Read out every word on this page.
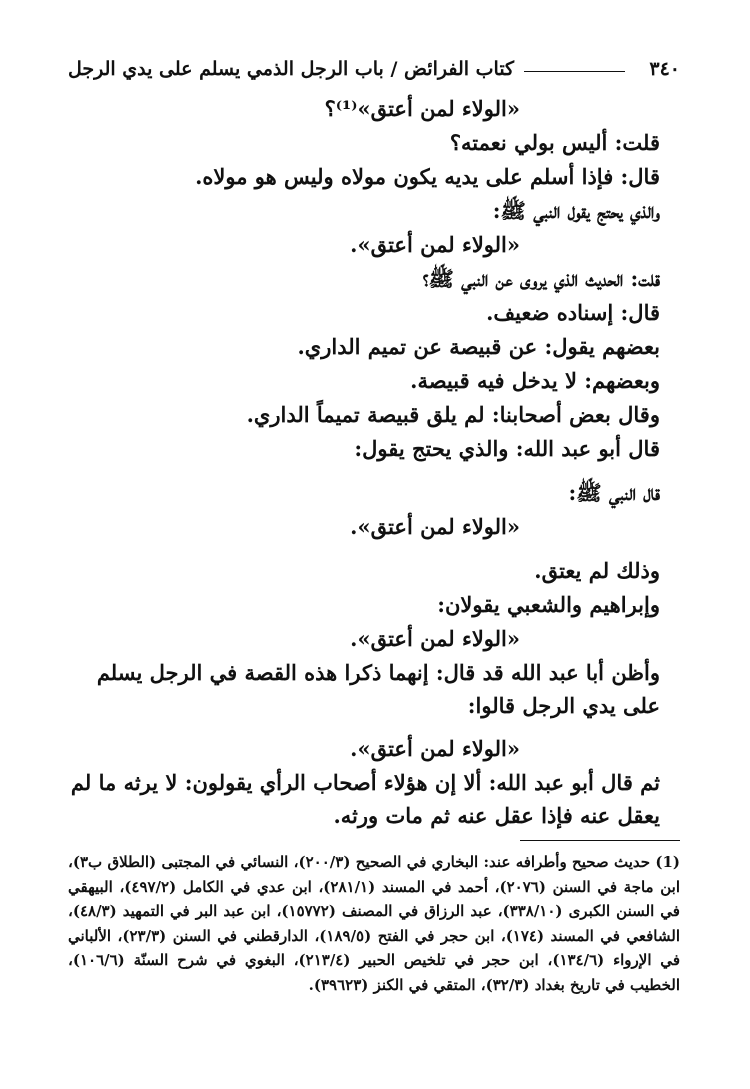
٣٤٠
كتاب الفرائض / باب الرجل الذمي يسلم على يدي الرجل
«الولاء لمن أعتق»⁽¹⁾؟
قلت: أليس بولي نعمته؟
قال: فإذا أسلم على يديه يكون مولاه وليس هو مولاه.
والذي يحتج يقول النبي ﷺ:
«الولاء لمن أعتق».
قلت: الحديث الذي يروى عن النبي ﷺ؟
قال: إسناده ضعيف.
بعضهم يقول: عن قبيصة عن تميم الداري.
وبعضهم: لا يدخل فيه قبيصة.
وقال بعض أصحابنا: لم يلق قبيصة تميماً الداري.
قال أبو عبد الله: والذي يحتج يقول:
قال النبي ﷺ:
«الولاء لمن أعتق».
وذلك لم يعتق.
وإبراهيم والشعبي يقولان:
«الولاء لمن أعتق».
وأظن أبا عبد الله قد قال: إنهما ذكرا هذه القصة في الرجل يسلم على يدي الرجل قالوا:
«الولاء لمن أعتق».
ثم قال أبو عبد الله: ألا إن هؤلاء أصحاب الرأي يقولون: لا يرثه ما لم يعقل عنه فإذا عقل عنه ثم مات ورثه.
(1) حديث صحيح وأطرافه عند: البخاري في الصحيح (٢٠٠/٣)، النسائي في المجتبى (الطلاق ب٣)، ابن ماجة في السنن (٢٠٧٦)، أحمد في المسند (٢٨١/١)، ابن عدي في الكامل (٤٩٧/٢)، البيهقي في السنن الكبرى (٣٣٨/١٠)، عبد الرزاق في المصنف (١٥٧٧٢)، ابن عبد البر في التمهيد (٤٨/٣)، الشافعي في المسند (١٧٤)، ابن حجر في الفتح (١٨٩/٥)، الدارقطني في السنن (٢٣/٣)، الألباني في الإرواء (١٣٤/٦)، ابن حجر في تلخيص الحبير (٢١٣/٤)، البغوي في شرح السنّة (١٠٦/٦)، الخطيب في تاريخ بغداد (٣٢/٣)، المتقي في الكنز (٣٩٦٢٣).
